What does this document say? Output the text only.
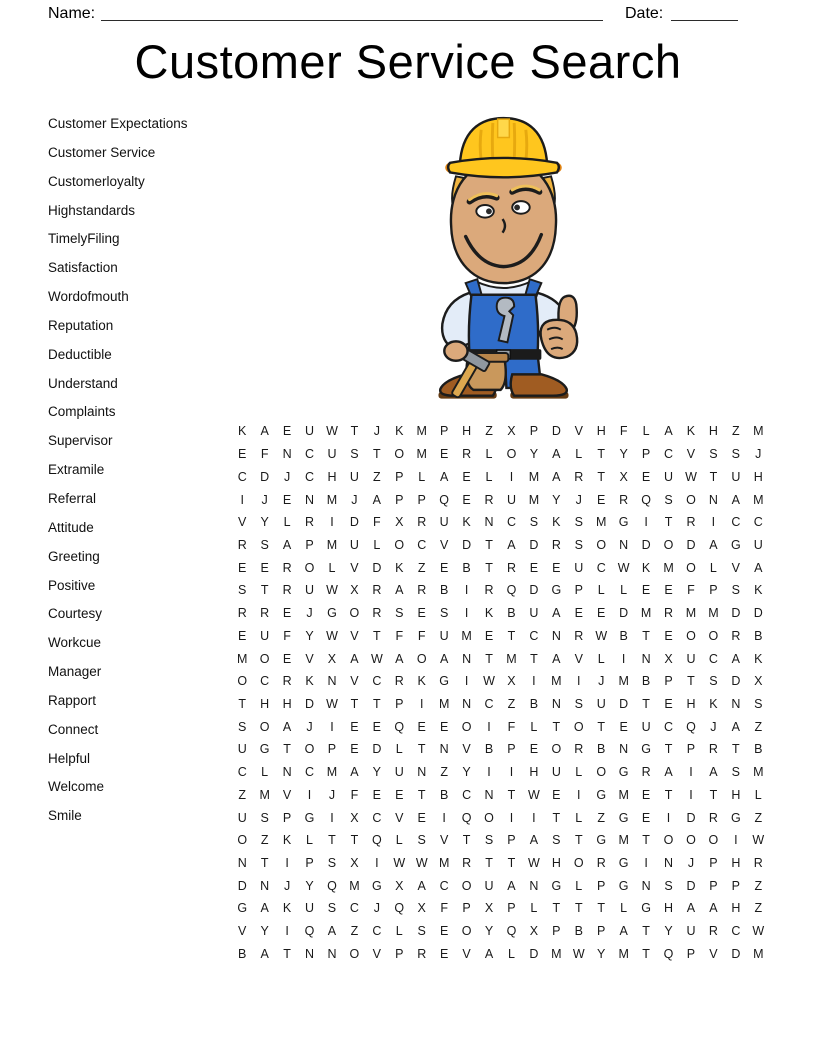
Name:	Date:
Customer Service Search
Customer Expectations
Customer Service
Customerloyalty
Highstandards
TimelyFiling
Satisfaction
Wordofmouth
Reputation
Deductible
Understand
Complaints
Supervisor
Extramile
Referral
Attitude
Greeting
Positive
Courtesy
Workcue
Manager
Rapport
Connect
Helpful
Welcome
Smile
K	A	E	U W	T	J	K	M	P	H	Z	X	P	D	V	H	F	L	A	K	H	Z	M
E	F	N	C	U	S	T	O M	E	R	L	O	Y	A	L	T	Y	P	C	V	S	S	J
C	D	J	C	H	U	Z	P	L	A	E	L	I	M	A	R	T	X	E	U W	T	U	H
I	J	E	N	M	J	A	P	P	Q	E	R	U	M	Y	J	E	R	Q	S	O	N	A	M
V	Y	L	R	I	D	F	X	R	U	K	N	C	S	K	S	M G	I	T	R	I	C	C
R	S	A	P	M	U	L	O	C	V	D	T	A	D	R	S	O	N	D	O	D	A	G	U
E	E	R	O	L	V	D	K	Z	E	B	T	R	E	E	U	C W K	M O	L	V	A
S	T	R	U W X	R	A	R	B	I	R	Q	D	G	P	L	L	E	E	F	P	S	K
R	R	E	J	G	O	R	S	E	S	I	K	B	U	A	E	E	D	M	R	M M	D	D
E	U	F	Y W V	T	F	F	U	M	E	T	C	N	R W B	T	E	O	O	R	B
M O	E	V	X	A W A	O	A	N	T	M	T	A	V	L	I	N	X	U	C	A	K
O	C	R	K	N	V	C	R	K	G	I	W X	I	M	I	J	M	B	P	T	S	D	X
T	H	H	D W	T	T	P	I	M	N	C	Z	B	N	S	U	D	T	E	H	K	N	S
S	O	A	J	I	E	E	Q	E	E	O	I	F	L	T	O	T	E	U	C	Q	J	A	Z
U	G	T	O	P	E	D	L	T	N	V	B	P	E	O	R	B	N	G	T	P	R	T	B
C	L	N	C	M	A	Y	U	N	Z	Y	I	I	H	U	L	O	G	R	A	I	A	S	M
Z	M	V	I	J	F	E	E	T	B	C	N	T	W E	I	G M	E	T	I	T	H	L
U	S	P	G	I	X	C	V	E	I	Q	O	I	I	T	L	Z	G	E	I	D	R	G	Z
O	Z	K	L	T	T	Q	L	S	V	T	S	P	A	S	T	G M	T	O	O	O	I	W
N	T	I	P	S	X	I	W W M	R	T	T	W H	O	R	G	I	N	J	P	H	R
D	N	J	Y	Q M G	X	A	C	O	U	A	N	G	L	P	G	N	S	D	P	P	Z
G	A	K	U	S	C	J	Q	X	F	P	X	P	L	T	T	T	L	G	H	A	A	H	Z
V	Y	I	Q	A	Z	C	L	S	E	O	Y	Q	X	P	B	P	A	T	Y	U	R	C W
B	A	T	N	N	O	V	P	R	E	V	A	L	D	M W Y	M	T	Q	P	V	D	M
